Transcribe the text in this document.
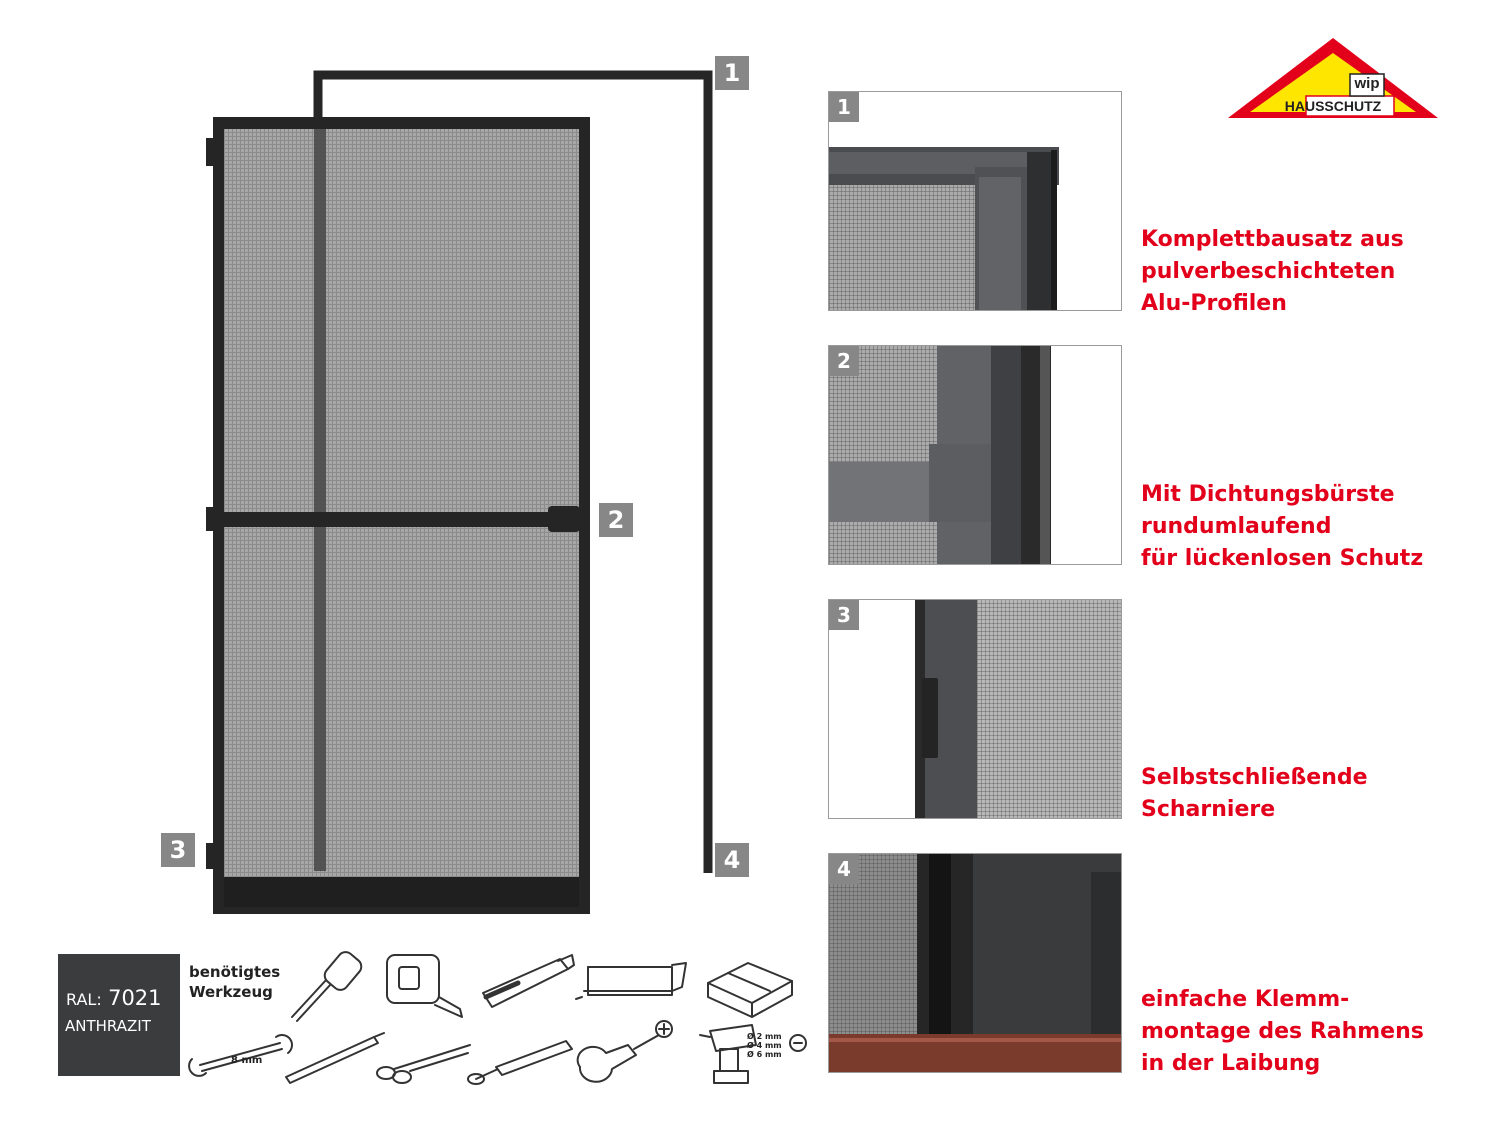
1
2
3	4
wip
HAUSSCHUTZ
1
2
3
4

Komplettbausatz aus
pulverbeschichteten
Alu-Profilen

Mit Dichtungsbürste
rundumlaufend
für lückenlosen Schutz

Selbstschließende
Scharniere

einfache Klemm-
montage des Rahmens
in der Laibung

RAL: 7021
ANTHRAZIT
benötigtes
Werkzeug
8 mm
Ø 2 mm
Ø 4 mm
Ø 6 mm
